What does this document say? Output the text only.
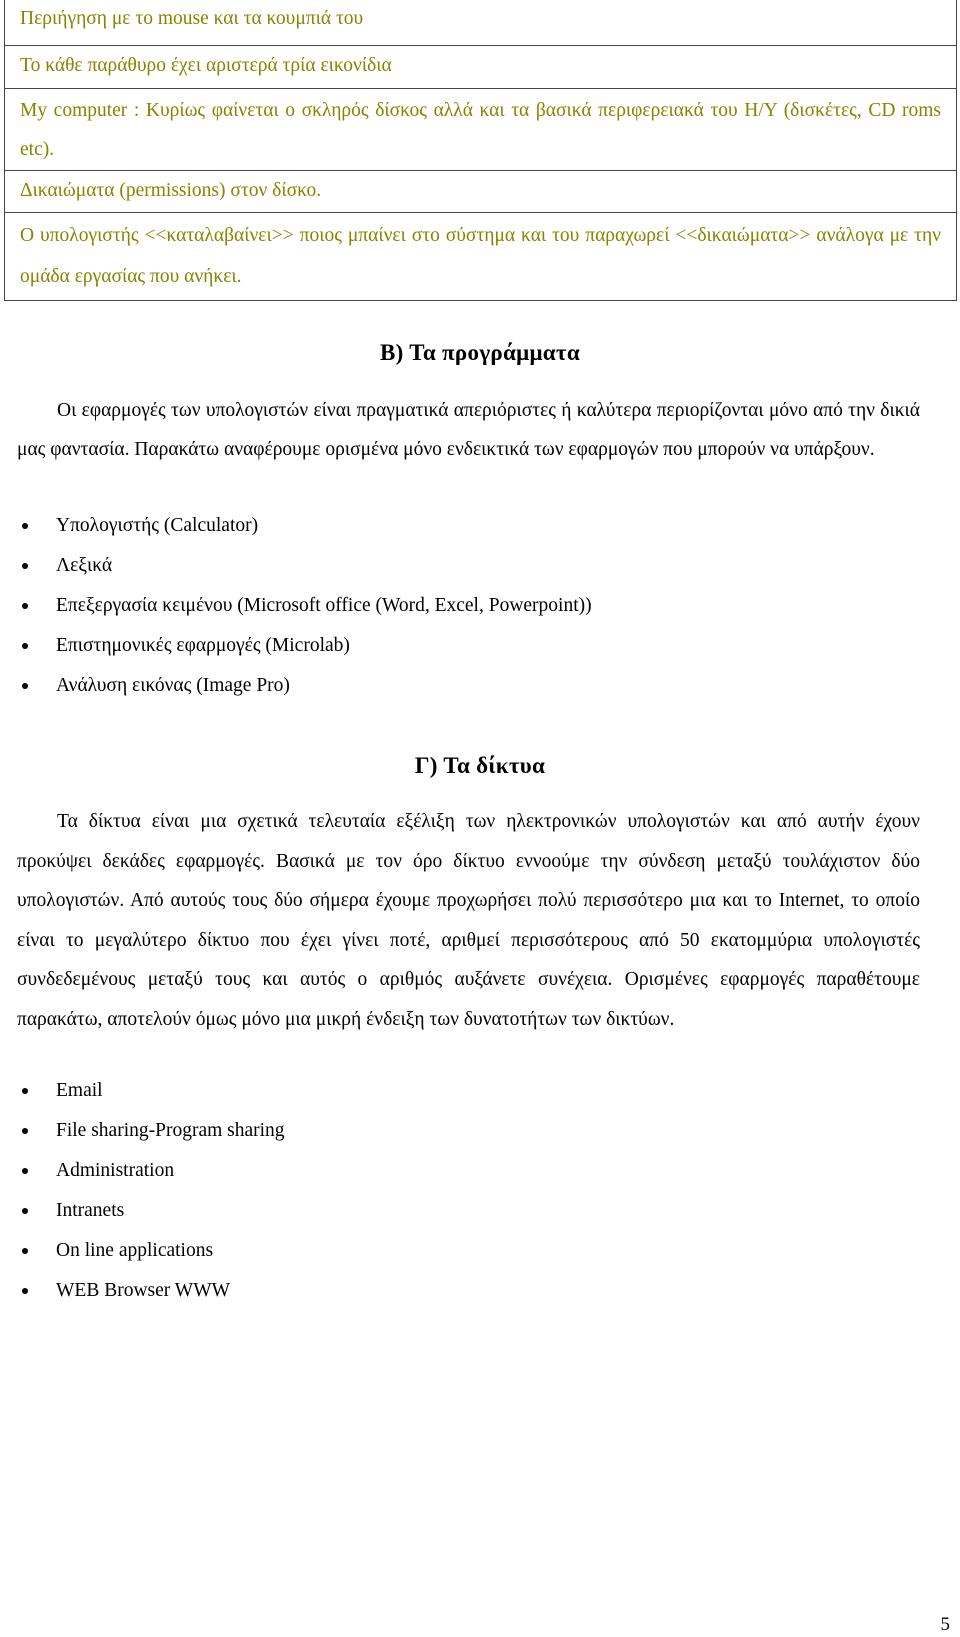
Περιήγηση με το mouse και τα κουμπιά του
Το κάθε παράθυρο έχει αριστερά τρία εικονίδια
My computer : Κυρίως φαίνεται ο σκληρός δίσκος αλλά και τα βασικά περιφερειακά του Η/Υ (δισκέτες, CD roms etc).
Δικαιώματα (permissions) στον δίσκο.
Ο υπολογιστής <<καταλαβαίνει>> ποιος μπαίνει στο σύστημα και του παραχωρεί <<δικαιώματα>> ανάλογα με την ομάδα εργασίας που ανήκει.
Β) Τα προγράμματα
Οι εφαρμογές των υπολογιστών είναι πραγματικά απεριόριστες ή καλύτερα περιορίζονται μόνο από την δικιά μας φαντασία. Παρακάτω αναφέρουμε ορισμένα μόνο ενδεικτικά των εφαρμογών που μπορούν να υπάρξουν.
Υπολογιστής (Calculator)
Λεξικά
Επεξεργασία κειμένου (Microsoft office (Word, Excel, Powerpoint))
Επιστημονικές εφαρμογές (Microlab)
Ανάλυση εικόνας (Image Pro)
Γ) Τα δίκτυα
Τα δίκτυα είναι μια σχετικά τελευταία εξέλιξη των ηλεκτρονικών υπολογιστών και από αυτήν έχουν προκύψει δεκάδες εφαρμογές. Βασικά με τον όρο δίκτυο εννοούμε την σύνδεση μεταξύ τουλάχιστον δύο υπολογιστών. Από αυτούς τους δύο σήμερα έχουμε προχωρήσει πολύ περισσότερο μια και το Internet, το οποίο είναι το μεγαλύτερο δίκτυο που έχει γίνει ποτέ, αριθμεί περισσότερους από 50 εκατομμύρια υπολογιστές συνδεδεμένους μεταξύ τους και αυτός ο αριθμός αυξάνετε συνέχεια. Ορισμένες εφαρμογές παραθέτουμε παρακάτω, αποτελούν όμως μόνο μια μικρή ένδειξη των δυνατοτήτων των δικτύων.
Email
File sharing-Program sharing
Administration
Intranets
On line applications
WEB Browser WWW
5
